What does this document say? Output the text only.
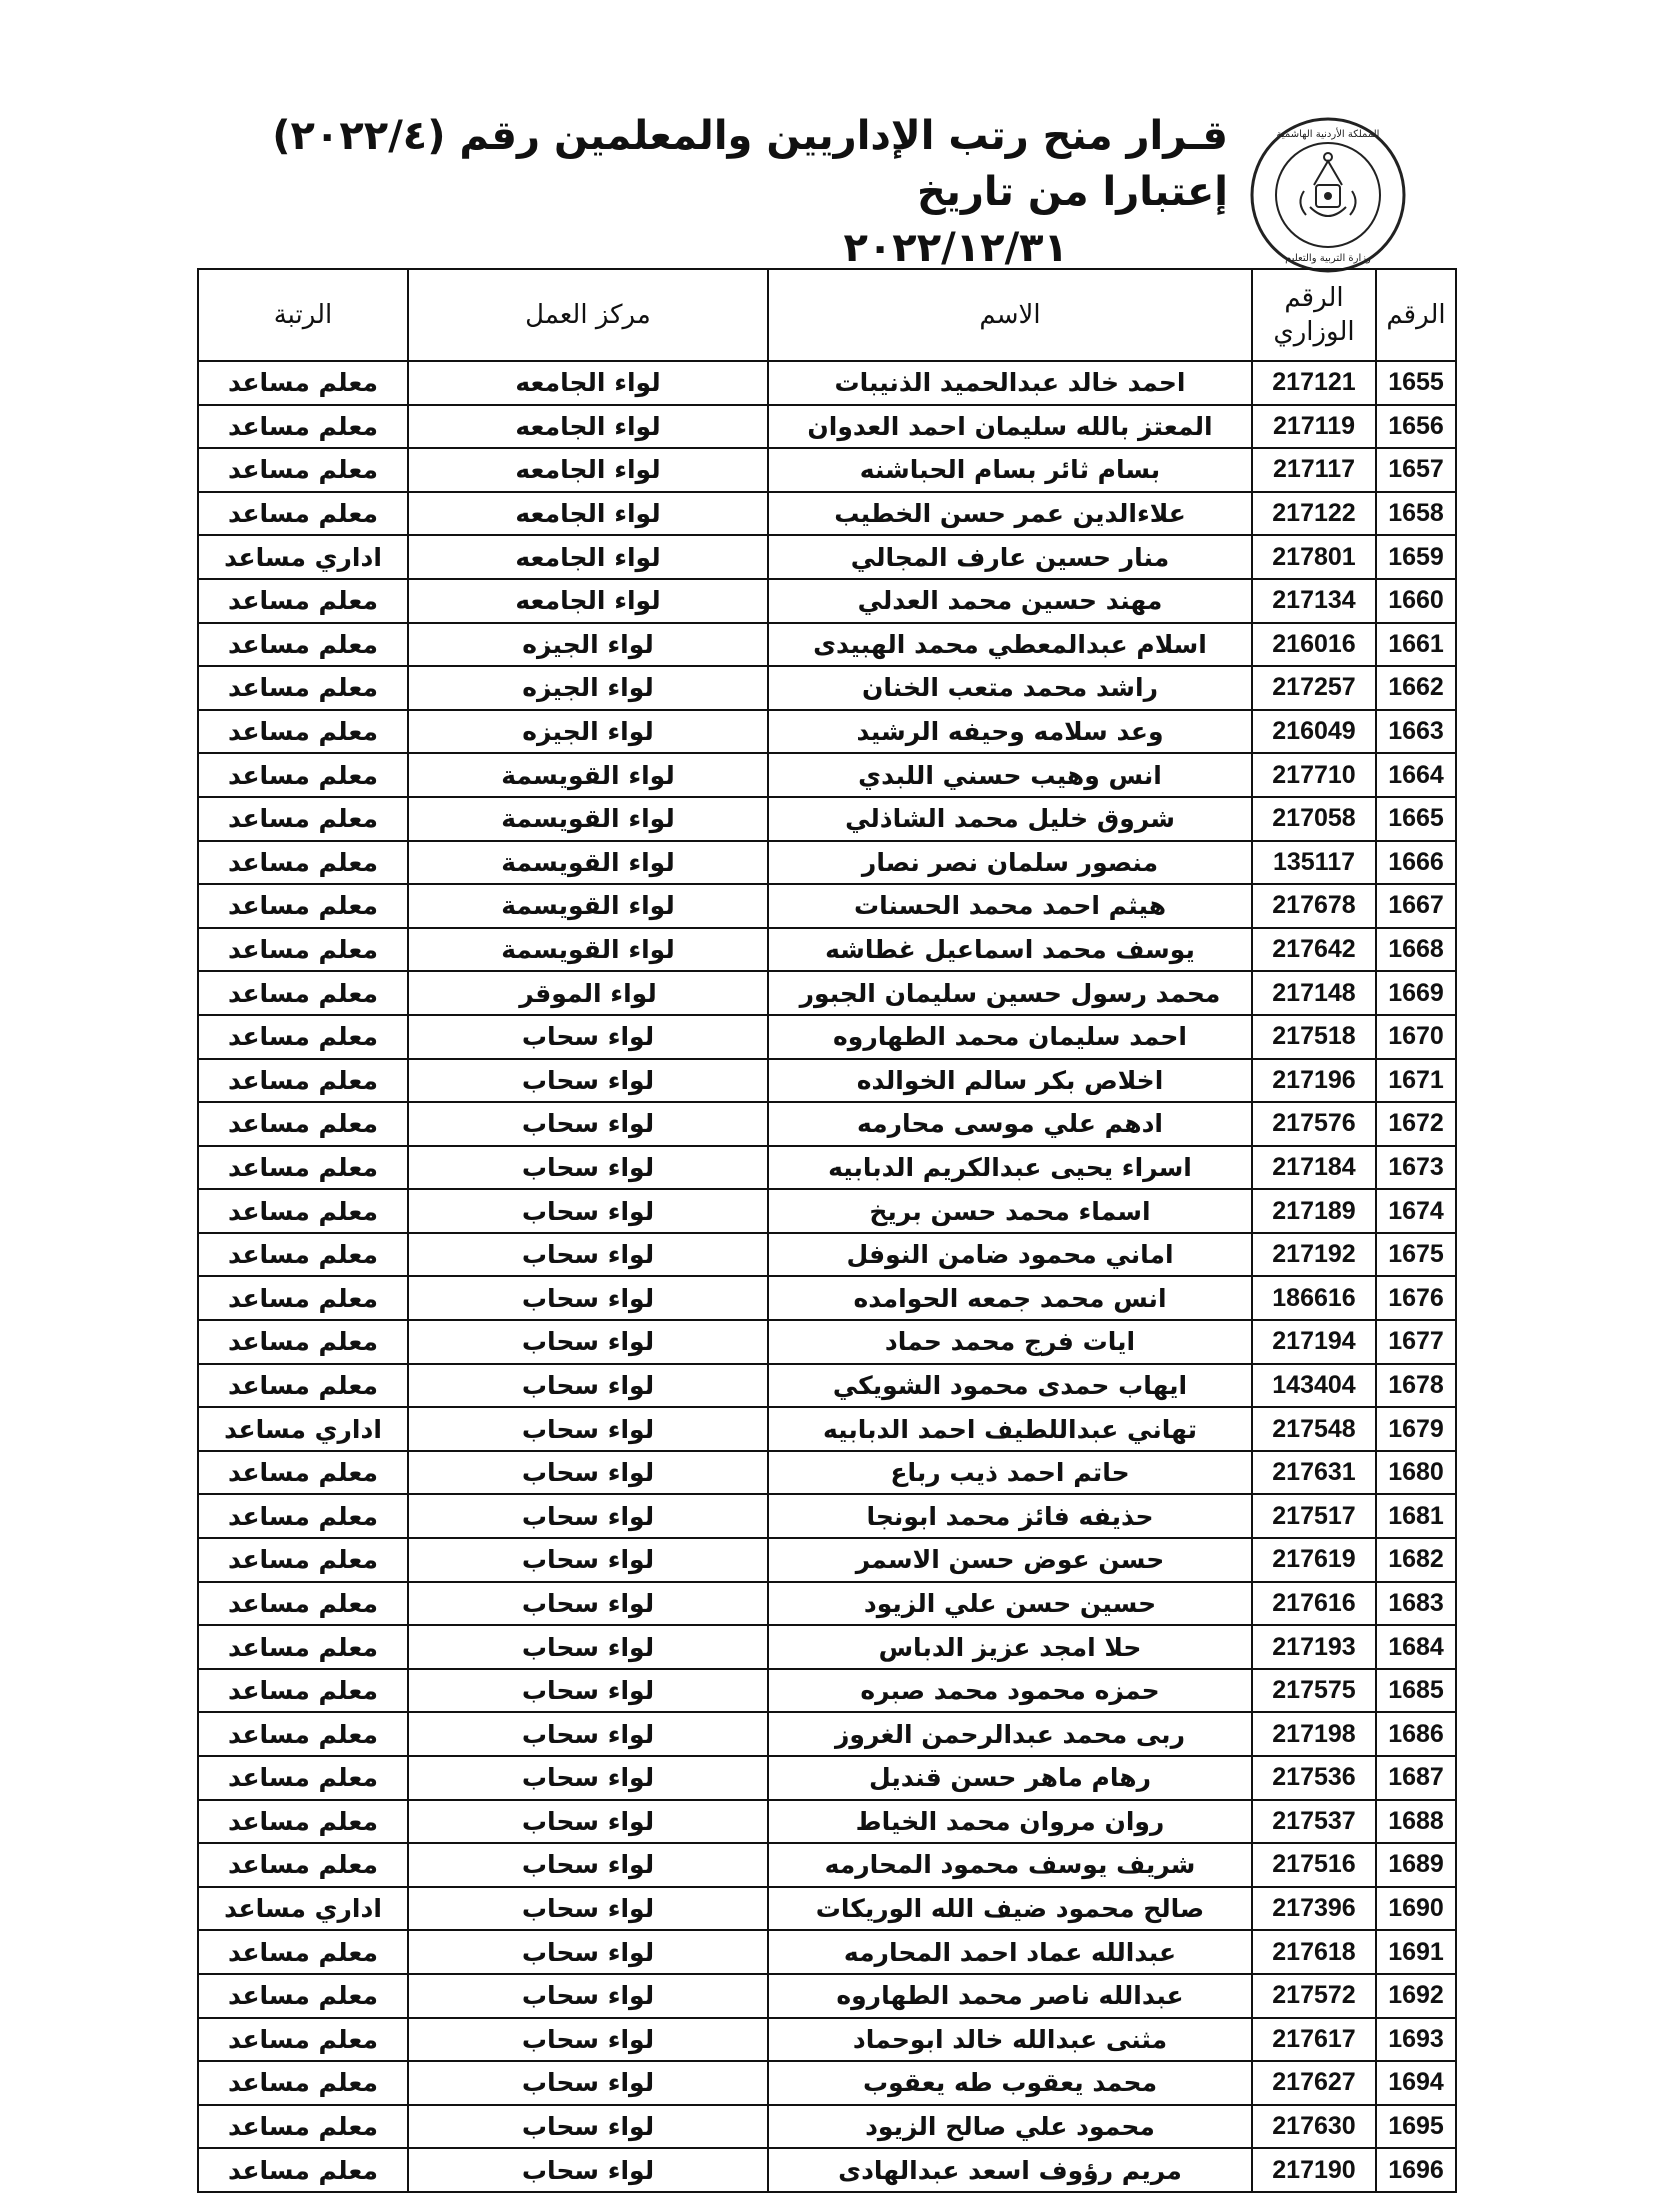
المملكة الأردنية الهاشمية
وزارة التربية والتعليم
قـرار منح رتب الإداريين والمعلمين رقم (٢٠٢٢/٤) إعتبارا من تاريخ
٢٠٢٢/١٢/٣١
الرقم	الرقم الوزاري	الاسم	مركز العمل	الرتبة
1655	217121	احمد خالد عبدالحميد الذنيبات	لواء الجامعه	معلم مساعد
1656	217119	المعتز بالله سليمان احمد العدوان	لواء الجامعه	معلم مساعد
1657	217117	بسام ثائر بسام الحباشنه	لواء الجامعه	معلم مساعد
1658	217122	علاءالدين عمر حسن الخطيب	لواء الجامعه	معلم مساعد
1659	217801	منار حسين عارف المجالي	لواء الجامعه	اداري مساعد
1660	217134	مهند حسين محمد العدلي	لواء الجامعه	معلم مساعد
1661	216016	اسلام عبدالمعطي محمد الهبيدى	لواء الجيزه	معلم مساعد
1662	217257	راشد محمد متعب الخنان	لواء الجيزه	معلم مساعد
1663	216049	وعد سلامه وحيفه الرشيد	لواء الجيزه	معلم مساعد
1664	217710	انس وهيب حسني اللبدي	لواء القويسمة	معلم مساعد
1665	217058	شروق خليل محمد الشاذلي	لواء القويسمة	معلم مساعد
1666	135117	منصور سلمان نصر نصار	لواء القويسمة	معلم مساعد
1667	217678	هيثم احمد محمد الحسنات	لواء القويسمة	معلم مساعد
1668	217642	يوسف محمد اسماعيل غطاشه	لواء القويسمة	معلم مساعد
1669	217148	محمد رسول حسين سليمان الجبور	لواء الموقر	معلم مساعد
1670	217518	احمد سليمان محمد الطهاروه	لواء سحاب	معلم مساعد
1671	217196	اخلاص بكر سالم الخوالده	لواء سحاب	معلم مساعد
1672	217576	ادهم علي موسى محارمه	لواء سحاب	معلم مساعد
1673	217184	اسراء يحيى عبدالكريم الدبابيه	لواء سحاب	معلم مساعد
1674	217189	اسماء محمد حسن بريخ	لواء سحاب	معلم مساعد
1675	217192	اماني محمود ضامن النوفل	لواء سحاب	معلم مساعد
1676	186616	انس محمد جمعه الحوامده	لواء سحاب	معلم مساعد
1677	217194	ايات فرج محمد حماد	لواء سحاب	معلم مساعد
1678	143404	ايهاب حمدى محمود الشويكي	لواء سحاب	معلم مساعد
1679	217548	تهاني عبداللطيف احمد الدبابيه	لواء سحاب	اداري مساعد
1680	217631	حاتم احمد ذيب رباع	لواء سحاب	معلم مساعد
1681	217517	حذيفه فائز محمد ابونجا	لواء سحاب	معلم مساعد
1682	217619	حسن عوض حسن الاسمر	لواء سحاب	معلم مساعد
1683	217616	حسين حسن علي الزيود	لواء سحاب	معلم مساعد
1684	217193	حلا امجد عزيز الدباس	لواء سحاب	معلم مساعد
1685	217575	حمزه محمود محمد صبره	لواء سحاب	معلم مساعد
1686	217198	ربى محمد عبدالرحمن الغروز	لواء سحاب	معلم مساعد
1687	217536	رهام ماهر حسن قنديل	لواء سحاب	معلم مساعد
1688	217537	روان مروان محمد الخياط	لواء سحاب	معلم مساعد
1689	217516	شريف يوسف محمود المحارمه	لواء سحاب	معلم مساعد
1690	217396	صالح محمود ضيف الله الوريكات	لواء سحاب	اداري مساعد
1691	217618	عبدالله عماد احمد المحارمه	لواء سحاب	معلم مساعد
1692	217572	عبدالله ناصر محمد الطهاروه	لواء سحاب	معلم مساعد
1693	217617	مثنى عبدالله خالد ابوحماد	لواء سحاب	معلم مساعد
1694	217627	محمد يعقوب طه يعقوب	لواء سحاب	معلم مساعد
1695	217630	محمود علي صالح الزيود	لواء سحاب	معلم مساعد
1696	217190	مريم رؤوف اسعد عبدالهادى	لواء سحاب	معلم مساعد
